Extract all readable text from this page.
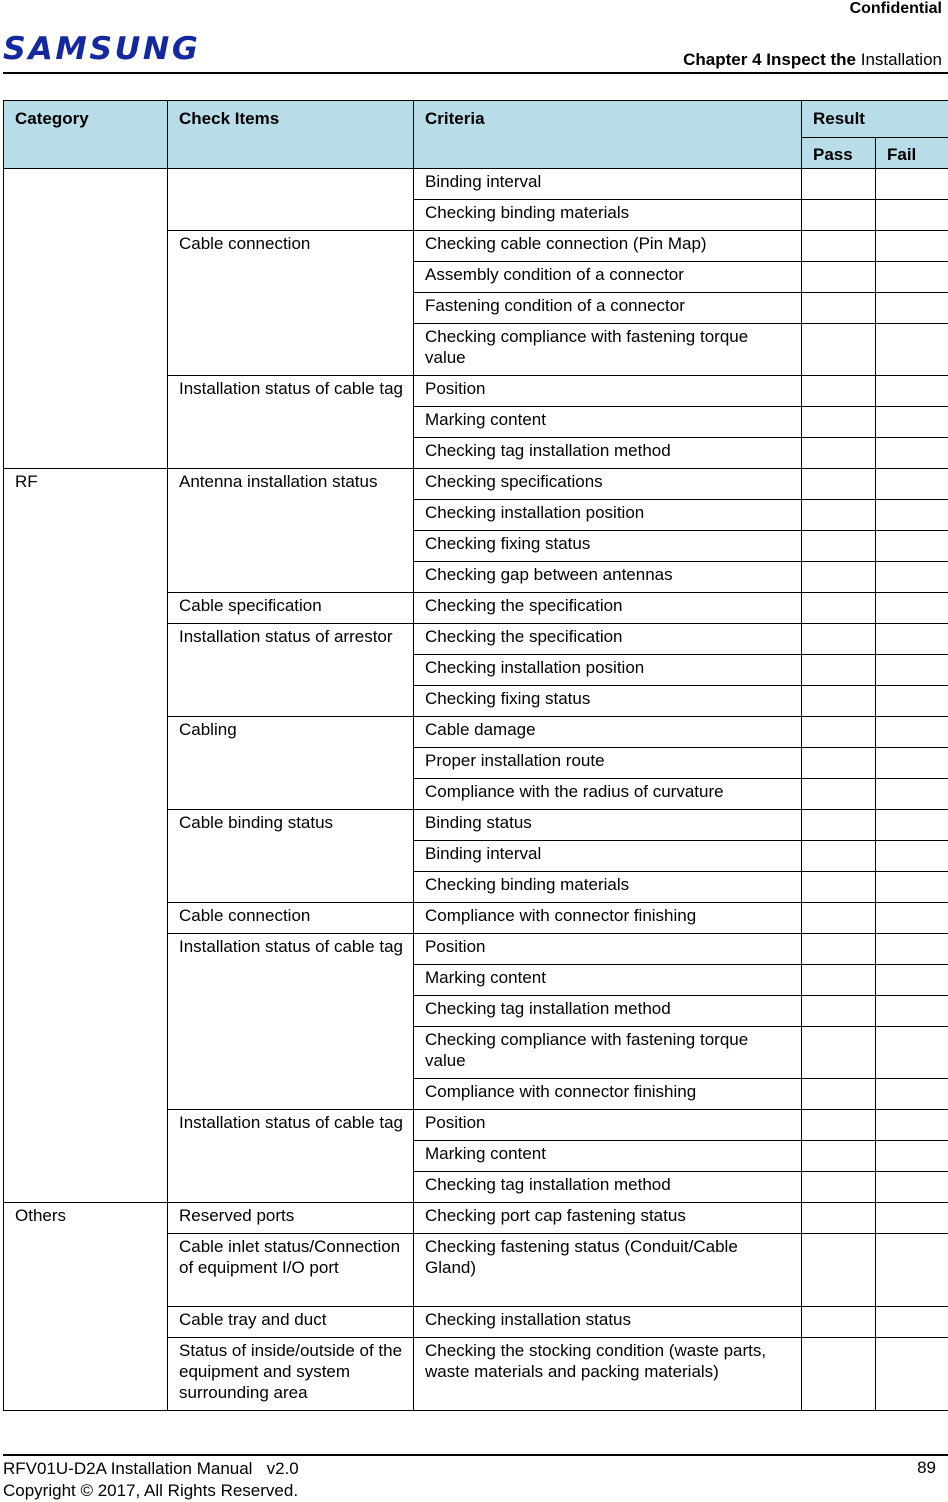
Confidential
SAMSUNG	Chapter 4 Inspect the Installation
Category	Check Items	Criteria	Result	
			Pass	Fail
		Binding interval		
		Checking binding materials		
	Cable connection	Checking cable connection (Pin Map)		
		Assembly condition of a connector		
		Fastening condition of a connector		
		Checking compliance with fastening torque value		
	Installation status of cable tag	Position		
		Marking content		
		Checking tag installation method		
RF	Antenna installation status	Checking specifications		
		Checking installation position		
		Checking fixing status		
		Checking gap between antennas		
	Cable specification	Checking the specification		
	Installation status of arrestor	Checking the specification		
		Checking installation position		
		Checking fixing status		
	Cabling	Cable damage		
		Proper installation route		
		Compliance with the radius of curvature		
	Cable binding status	Binding status		
		Binding interval		
		Checking binding materials		
	Cable connection	Compliance with connector finishing		
	Installation status of cable tag	Position		
		Marking content		
		Checking tag installation method		
		Checking compliance with fastening torque value		
		Compliance with connector finishing		
	Installation status of cable tag	Position		
		Marking content		
		Checking tag installation method		
Others	Reserved ports	Checking port cap fastening status		
	Cable inlet status/Connection of equipment I/O port	Checking fastening status (Conduit/Cable Gland)		
	Cable tray and duct	Checking installation status		
	Status of inside/outside of the equipment and system surrounding area	Checking the stocking condition (waste parts, waste materials and packing materials)		
RFV01U-D2A Installation Manual   v2.0
Copyright © 2017, All Rights Reserved.
89
